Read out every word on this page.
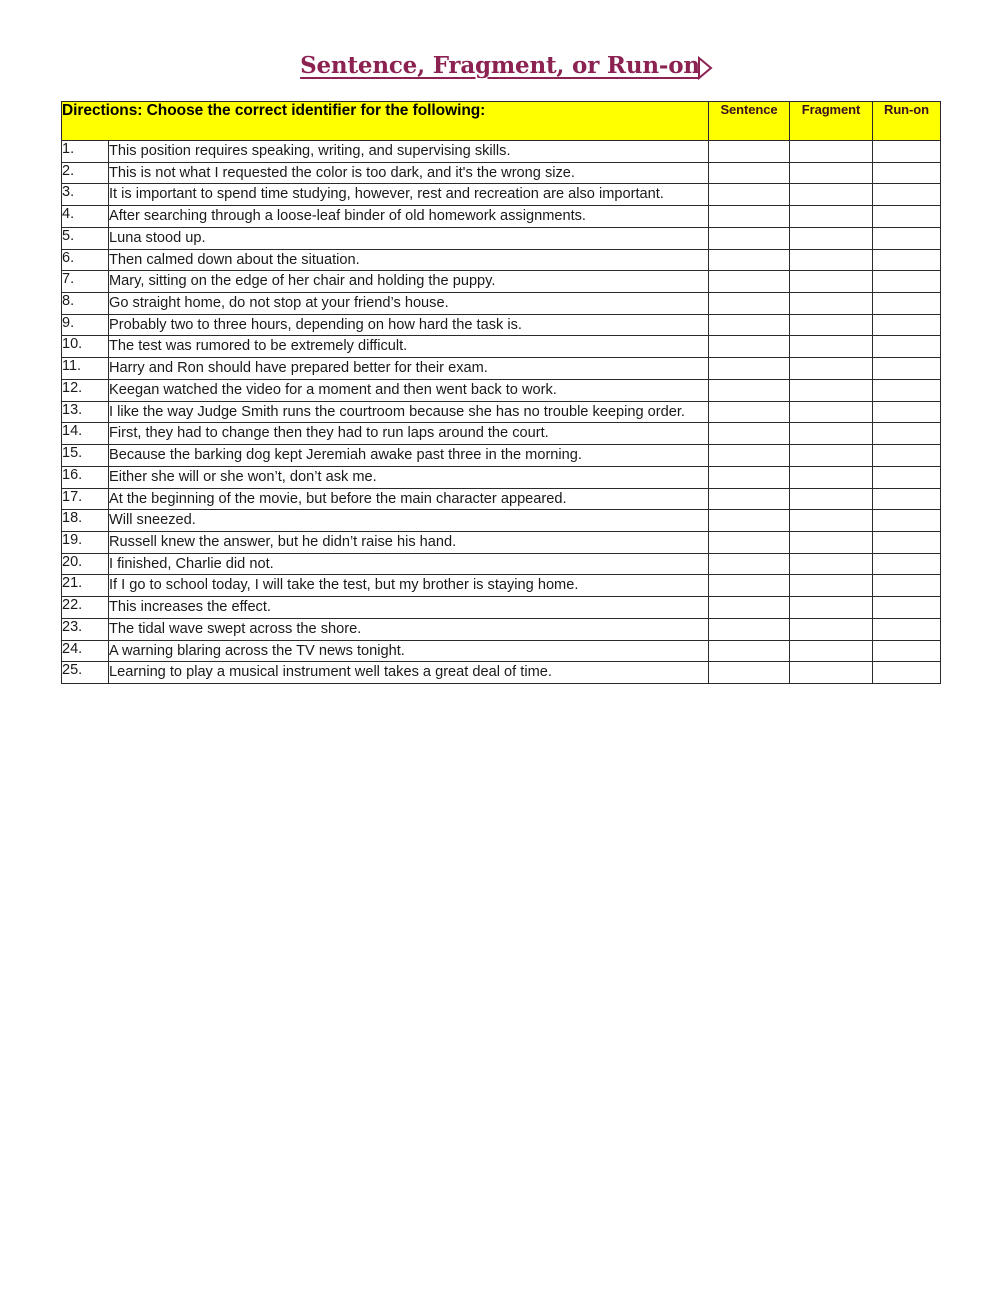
Sentence, Fragment, or Run-on
Directions: Choose the correct identifier for the following:		Sentence	Fragment	Run-on
1.	This position requires speaking, writing, and supervising skills.			
2.	This is not what I requested the color is too dark, and it's the wrong size.			
3.	It is important to spend time studying, however, rest and recreation are also important.			
4.	After searching through a loose-leaf binder of old homework assignments.			
5.	Luna stood up.			
6.	Then calmed down about the situation.			
7.	Mary, sitting on the edge of her chair and holding the puppy.			
8.	Go straight home, do not stop at your friend’s house.			
9.	Probably two to three hours, depending on how hard the task is.			
10.	The test was rumored to be extremely difficult.			
11.	Harry and Ron should have prepared better for their exam.			
12.	Keegan watched the video for a moment and then went back to work.			
13.	I like the way Judge Smith runs the courtroom because she has no trouble keeping order.			
14.	First, they had to change then they had to run laps around the court.			
15.	Because the barking dog kept Jeremiah awake past three in the morning.			
16.	Either she will or she won’t, don’t ask me.			
17.	At the beginning of the movie, but before the main character appeared.			
18.	Will sneezed.			
19.	Russell knew the answer, but he didn’t raise his hand.			
20.	I finished, Charlie did not.			
21.	If I go to school today, I will take the test, but my brother is staying home.			
22.	This increases the effect.			
23.	The tidal wave swept across the shore.			
24.	A warning blaring across the TV news tonight.			
25.	Learning to play a musical instrument well takes a great deal of time.			
